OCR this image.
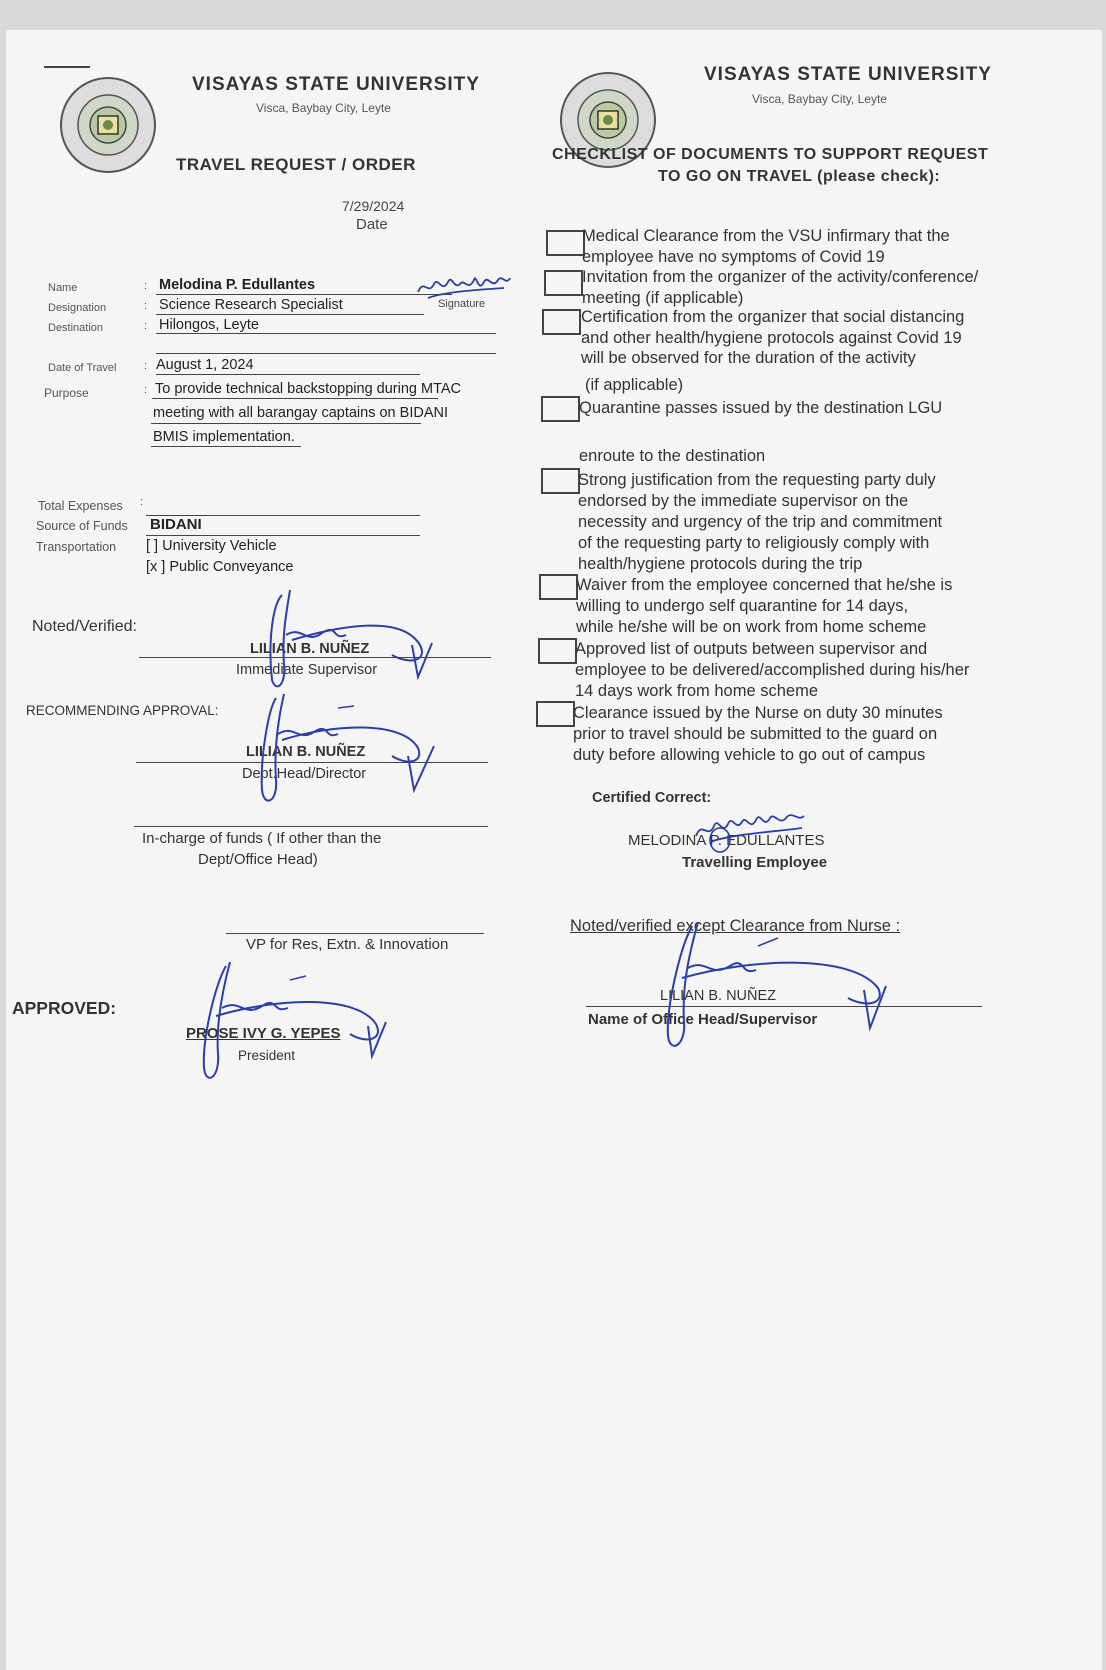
VISAYAS STATE UNIVERSITY
Visca, Baybay City, Leyte
TRAVEL REQUEST / ORDER
7/29/2024
Date
Name	: Melodina P. Edullantes
Signature
Designation	: Science Research Specialist
Destination	: Hilongos, Leyte
Date of Travel	: August 1, 2024
Purpose	: To provide technical backstopping during MTAC
meeting with all barangay captains on BIDANI
BMIS implementation.
Total Expenses :
Source of Funds BIDANI
Transportation [ ] University Vehicle
[x ] Public Conveyance
Noted/Verified:
LILIAN B. NUÑEZ
Immediate Supervisor
RECOMMENDING APPROVAL:
LILIAN B. NUÑEZ
Dept.Head/Director
In-charge of funds ( If other than the
Dept/Office Head)
VP for Res, Extn. & Innovation
APPROVED:
PROSE IVY G. YEPES
President
VISAYAS STATE UNIVERSITY
Visca, Baybay City, Leyte
CHECKLIST OF DOCUMENTS TO SUPPORT REQUEST
TO GO ON TRAVEL (please check):
Certified Correct:
MELODINA P. EDULLANTES
Travelling Employee
Noted/verified except Clearance from Nurse :
LILIAN B. NUÑEZ
Name of Office Head/Supervisor
Medical Clearance from the VSU infirmary that the
employee have no symptoms of Covid 19
Invitation from the organizer of the activity/conference/
meeting (if applicable)
Certification from the organizer that social distancing
and other health/hygiene protocols against Covid 19
will be observed for the duration of the activity
(if applicable)
Quarantine passes issued by the destination LGU
enroute to the destination
Strong justification from the requesting party duly
endorsed by the immediate supervisor on the
necessity and urgency of the trip and commitment
of the requesting party to religiously comply with
health/hygiene protocols during the trip
Waiver from the employee concerned that he/she is
willing to undergo self quarantine for 14 days,
while he/she will be on work from home scheme
Approved list of outputs between supervisor and
employee to be delivered/accomplished during his/her
14 days work from home scheme
Clearance issued by the Nurse on duty 30 minutes
prior to travel should be submitted to the guard on
duty before allowing vehicle to go out of campus
